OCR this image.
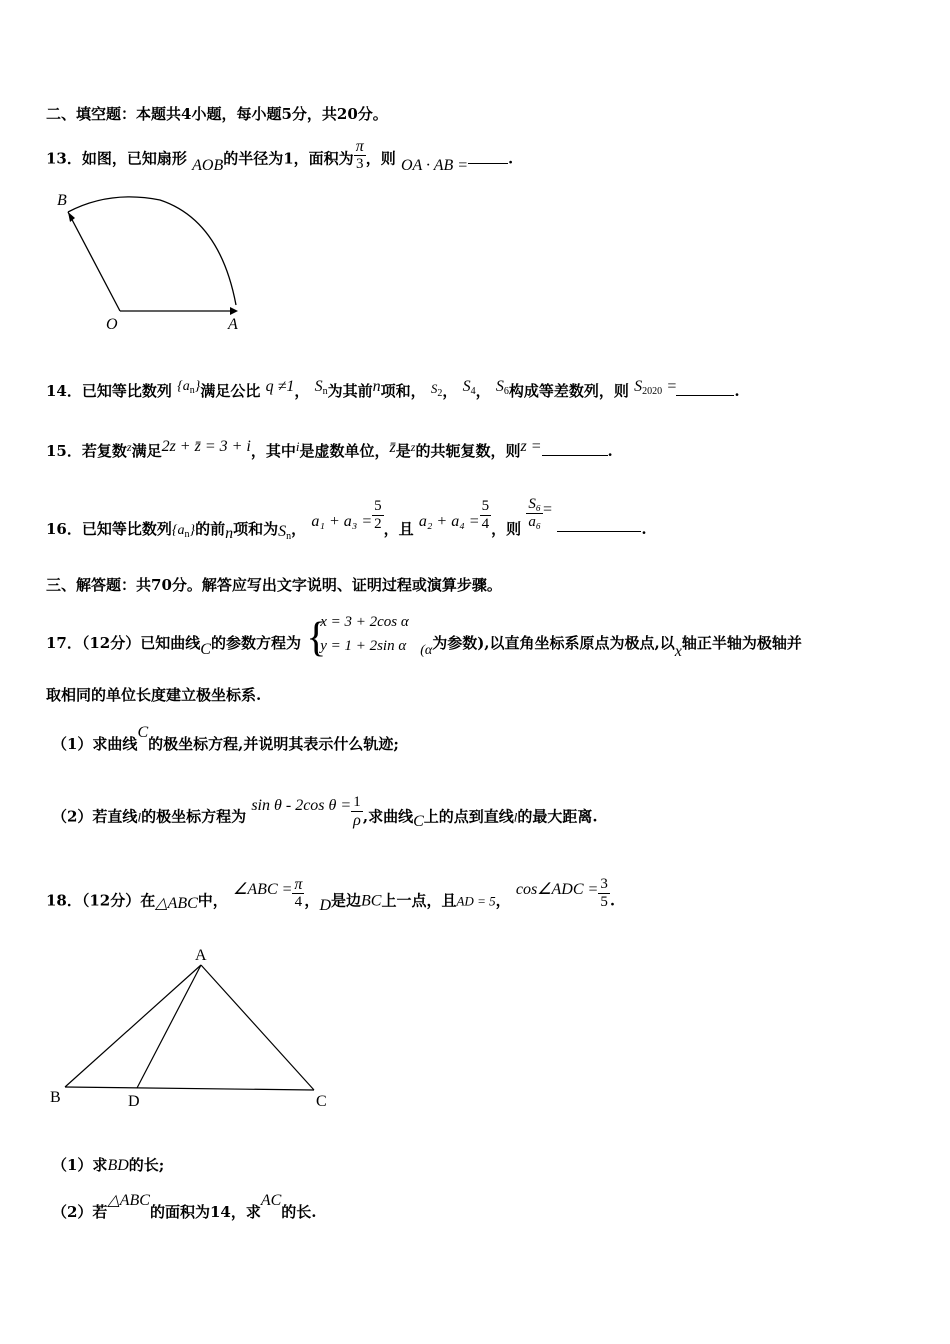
二、填空题：本题共4小题，每小题5分，共20分。
13．如图，已知扇形 AOB的半径为1，面积为 $\frac{\pi}{3}$ ，则 OA · AB =	.
B
O	A
14．已知等比数列 $\{a_n\}$满足公比 q ≠1， $S_n$为其前n项和， $S_2$， $S_4$， $S_6$构成等差数列，则 $S_{2020}$ =	.
15．若复数$^z$满足2z + z̄ = 3 + i，其中i是虚数单位，z̄是$^z$的共轭复数，则z =	.
16．已知等比数列$\{a_n\}$的前n项和为$S_n$， $a_1 + a_3 = \frac{5}{2}$ ，且 $a_2 + a_4 = \frac{5}{4}$ ，则 $\frac{\text{S₆}}{\text{a₆}}$ = .
三、解答题：共70分。解答应写出文字说明、证明过程或演算步骤。
17．（12分）已知曲线C的参数方程为 {
x = 3 + 2cos α
y = 1 + 2sin α (α为参数),以直角坐标系原点为极点,以x轴正半轴为极轴并
取相同的单位长度建立极坐标系.
（1）求曲线C的极坐标方程,并说明其表示什么轨迹;
（2）若直线l的极坐标方程为 sin θ - 2cos $\theta = \frac{1}{\rho}$ ,求曲线C上的点到直线l的最大距离.
18．（12分）在△ABC中， ∠ABC = $\frac{\pi}{4}$ ，D是边BC上一点，且AD = 5， cos∠ADC = $\frac{3}{5}$ .
A
B	D	C
（1）求BD的长;
（2）若△ABC的面积为14，求AC的长.
